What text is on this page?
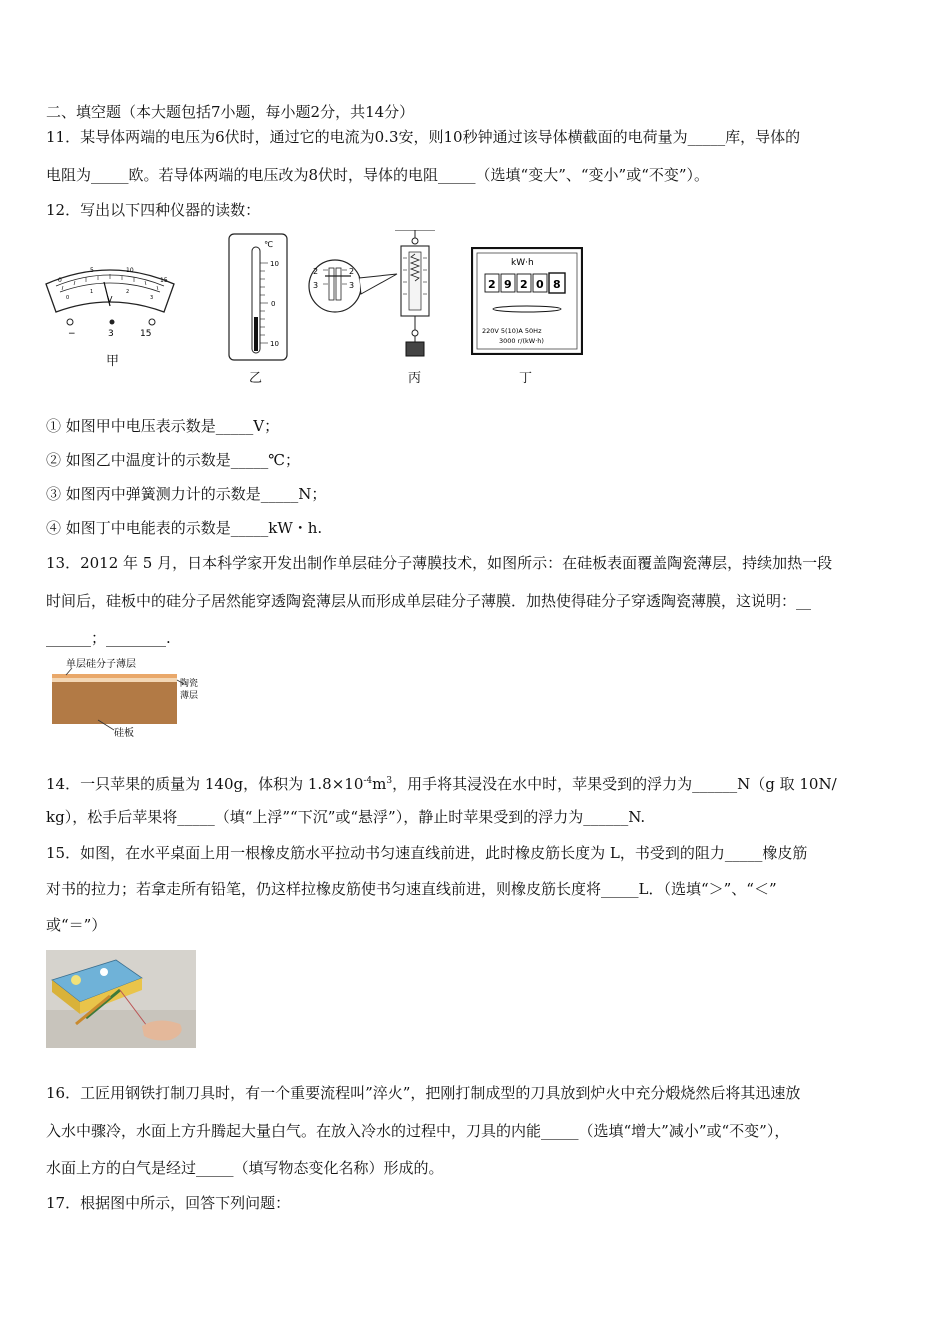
二、填空题（本大题包括7小题，每小题2分，共14分）
11．某导体两端的电压为6伏时，通过它的电流为0.3安，则10秒钟通过该导体横截面的电荷量为_____库，导体的
电阻为_____欧。若导体两端的电压改为8伏时，导体的电阻_____（选填“变大”、“变小”或“不变”）。
12．写出以下四种仪器的读数：
0
5	10
15
0
1	2
3
V
−	3	15
甲
℃
10
0
10
乙
2
3
2
3
丙
kW·h
2 9 2 0 8
220V 5(10)A 50Hz
3000 r/(kW·h)
丁
① 如图甲中电压表示数是_____V；
② 如图乙中温度计的示数是_____℃；
③ 如图丙中弹簧测力计的示数是_____N；
④ 如图丁中电能表的示数是_____kW・h.
13．2012 年 5 月，日本科学家开发出制作单层硅分子薄膜技术，如图所示：在硅板表面覆盖陶瓷薄层，持续加热一段
时间后，硅板中的硅分子居然能穿透陶瓷薄层从而形成单层硅分子薄膜．加热使得硅分子穿透陶瓷薄膜，这说明：__
______；________.
单层硅分子薄层
陶瓷
薄层
硅板
14．一只苹果的质量为 140g，体积为 $1.8\times 10^{-4}m^3$，用手将其浸没在水中时，苹果受到的浮力为______N（g 取 10N/
kg），松手后苹果将_____（填“上浮”“下沉”或“悬浮”），静止时苹果受到的浮力为______N.
15．如图，在水平桌面上用一根橡皮筋水平拉动书匀速直线前进，此时橡皮筋长度为 L，书受到的阻力_____橡皮筋
对书的拉力；若拿走所有铅笔，仍这样拉橡皮筋使书匀速直线前进，则橡皮筋长度将_____L．（选填“＞”、“＜”
或“＝”）
16．工匠用钢铁打制刀具时，有一个重要流程叫”淬火”，把刚打制成型的刀具放到炉火中充分煅烧然后将其迅速放
入水中骤冷，水面上方升腾起大量白气。在放入冷水的过程中，刀具的内能_____（选填“增大”减小”或“不变”），
水面上方的白气是经过_____（填写物态变化名称）形成的。
17．根据图中所示，回答下列问题：
